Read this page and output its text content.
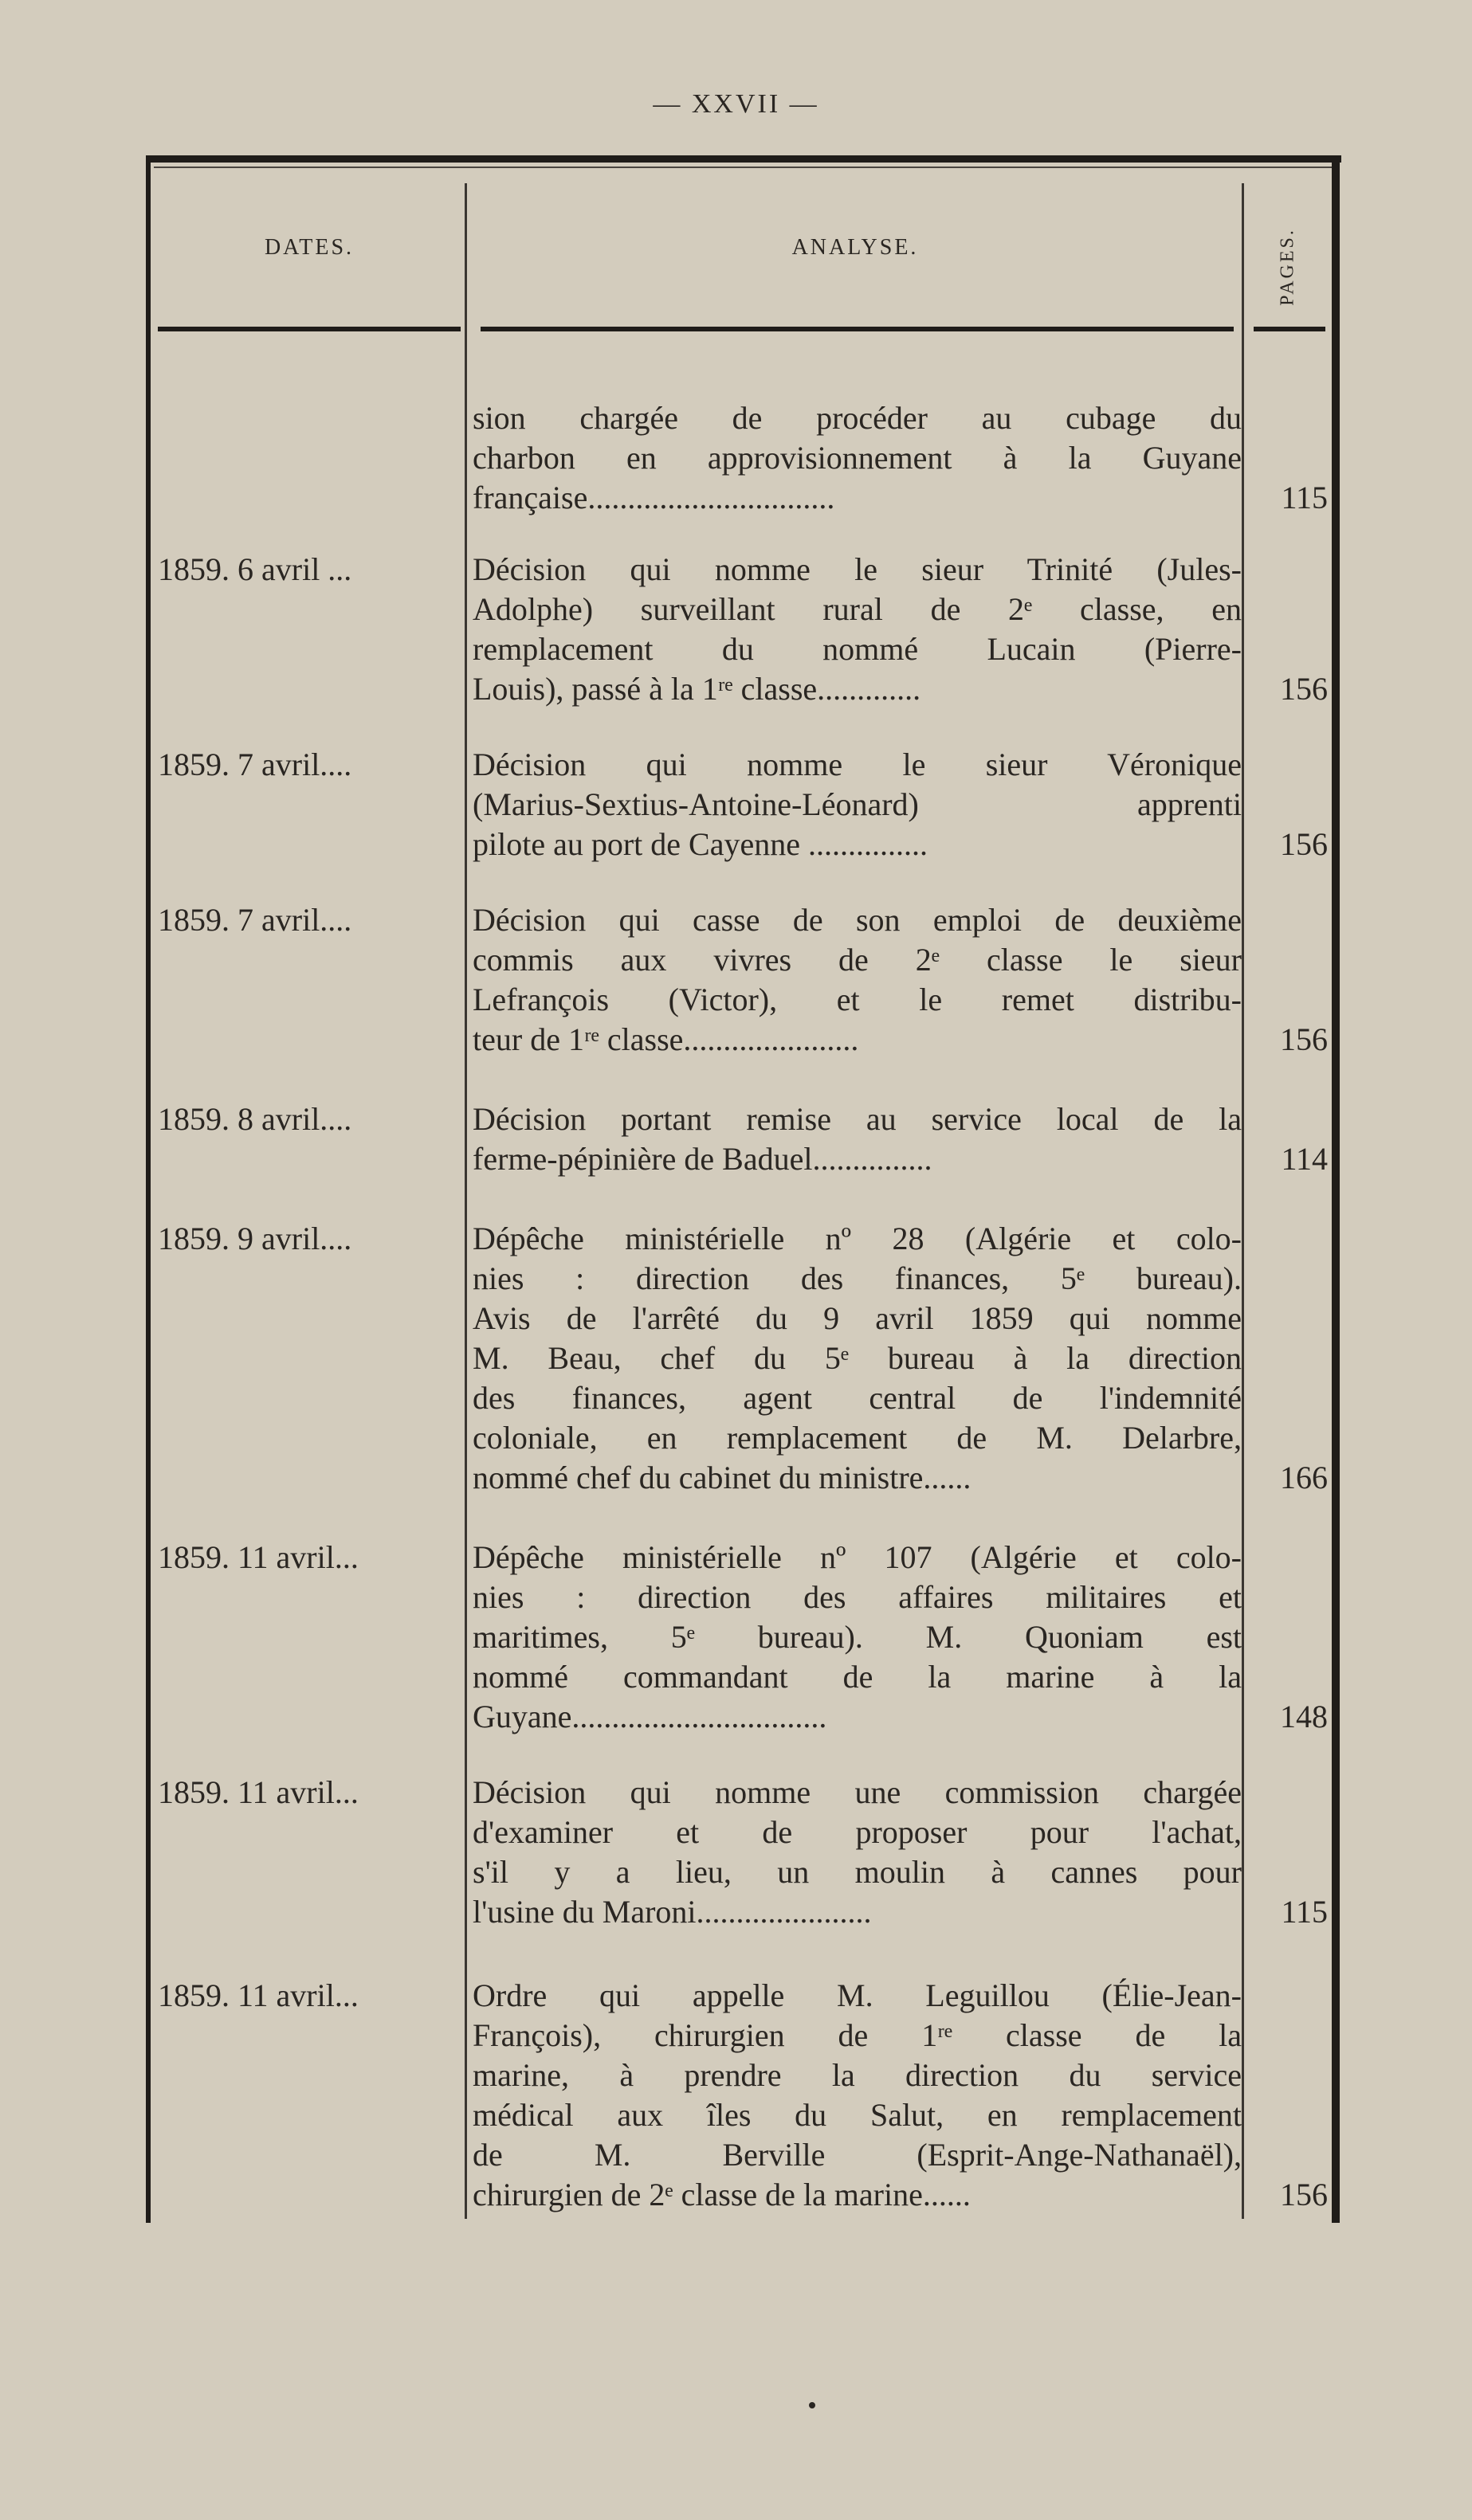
— XXVII —
DATES.	ANALYSE.	PAGES.
sion chargée de procéder au cubage du
charbon en approvisionnement à la Guyane
française...............................	115
1859. 6 avril ...	Décision qui nomme le sieur Trinité (Jules-
Adolphe) surveillant rural de 2ᵉ classe, en
remplacement du nommé Lucain (Pierre-
Louis), passé à la 1ʳᵉ classe.............	156
1859. 7 avril....	Décision qui nomme le sieur Véronique
(Marius-Sextius-Antoine-Léonard) apprenti
pilote au port de Cayenne ...............	156
1859. 7 avril....	Décision qui casse de son emploi de deuxième
commis aux vivres de 2ᵉ classe le sieur
Lefrançois (Victor), et le remet distribu-
teur de 1ʳᵉ classe......................	156
1859. 8 avril....	Décision portant remise au service local de la
ferme-pépinière de Baduel...............	114
1859. 9 avril....	Dépêche ministérielle nº 28 (Algérie et colo-
nies : direction des finances, 5ᵉ bureau).
Avis de l'arrêté du 9 avril 1859 qui nomme
M. Beau, chef du 5ᵉ bureau à la direction
des finances, agent central de l'indemnité
coloniale, en remplacement de M. Delarbre,
nommé chef du cabinet du ministre......	166
1859. 11 avril...	Dépêche ministérielle nº 107 (Algérie et colo-
nies : direction des affaires militaires et
maritimes, 5ᵉ bureau). M. Quoniam est
nommé commandant de la marine à la
Guyane................................	148
1859. 11 avril...	Décision qui nomme une commission chargée
d'examiner et de proposer pour l'achat,
s'il y a lieu, un moulin à cannes pour
l'usine du Maroni......................	115
1859. 11 avril...	Ordre qui appelle M. Leguillou (Élie-Jean-
François), chirurgien de 1ʳᵉ classe de la
marine, à prendre la direction du service
médical aux îles du Salut, en remplacement
de M. Berville (Esprit-Ange-Nathanaël),
chirurgien de 2ᵉ classe de la marine......	156
